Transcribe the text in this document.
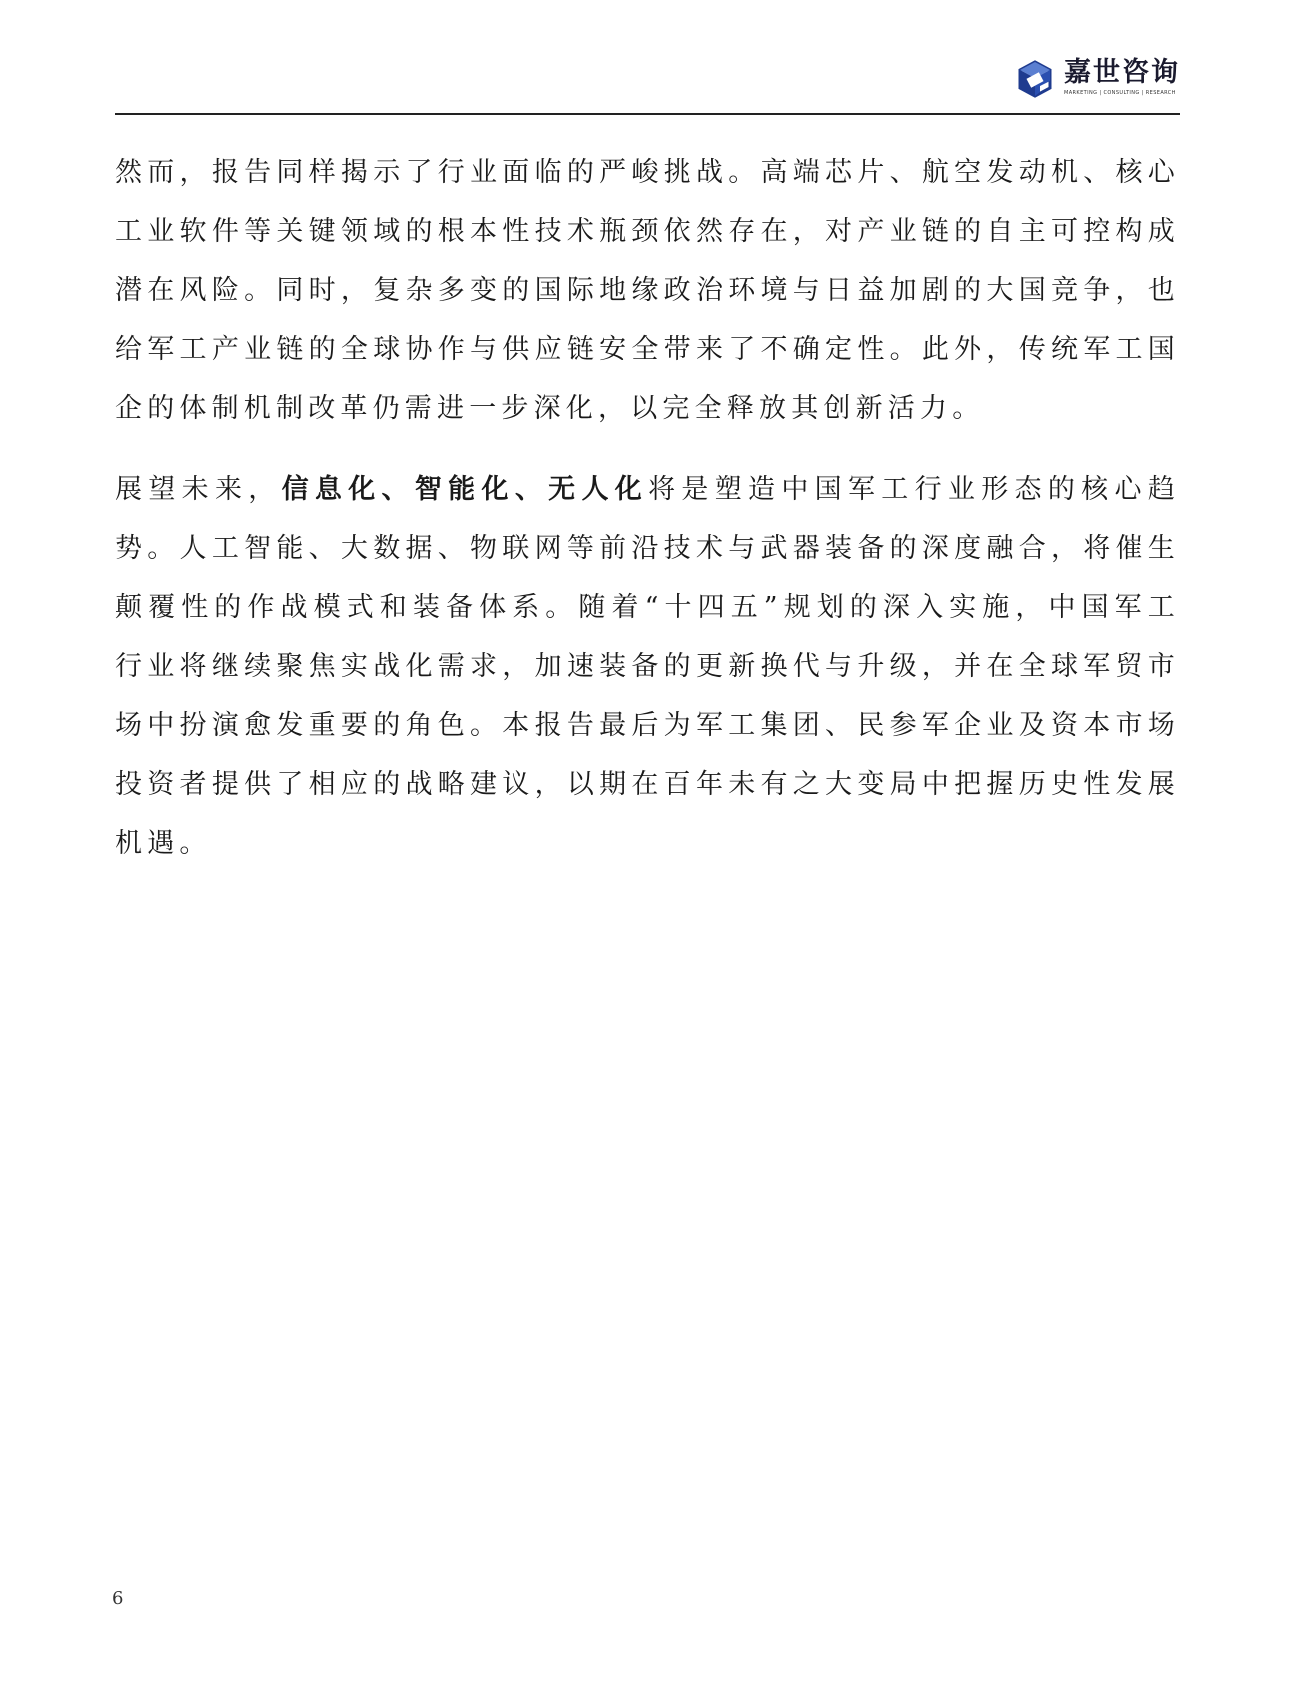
嘉世咨询
MARKETING | CONSULTING | RESEARCH

然而，报告同样揭示了行业面临的严峻挑战。高端芯片、航空发动机、核心工业软件等关键领域的根本性技术瓶颈依然存在，对产业链的自主可控构成潜在风险。同时，复杂多变的国际地缘政治环境与日益加剧的大国竞争，也给军工产业链的全球协作与供应链安全带来了不确定性。此外，传统军工国企的体制机制改革仍需进一步深化，以完全释放其创新活力。

展望未来，信息化、智能化、无人化将是塑造中国军工行业形态的核心趋势。人工智能、大数据、物联网等前沿技术与武器装备的深度融合，将催生颠覆性的作战模式和装备体系。随着“十四五”规划的深入实施，中国军工行业将继续聚焦实战化需求，加速装备的更新换代与升级，并在全球军贸市场中扮演愈发重要的角色。本报告最后为军工集团、民参军企业及资本市场投资者提供了相应的战略建议，以期在百年未有之大变局中把握历史性发展机遇。

6
